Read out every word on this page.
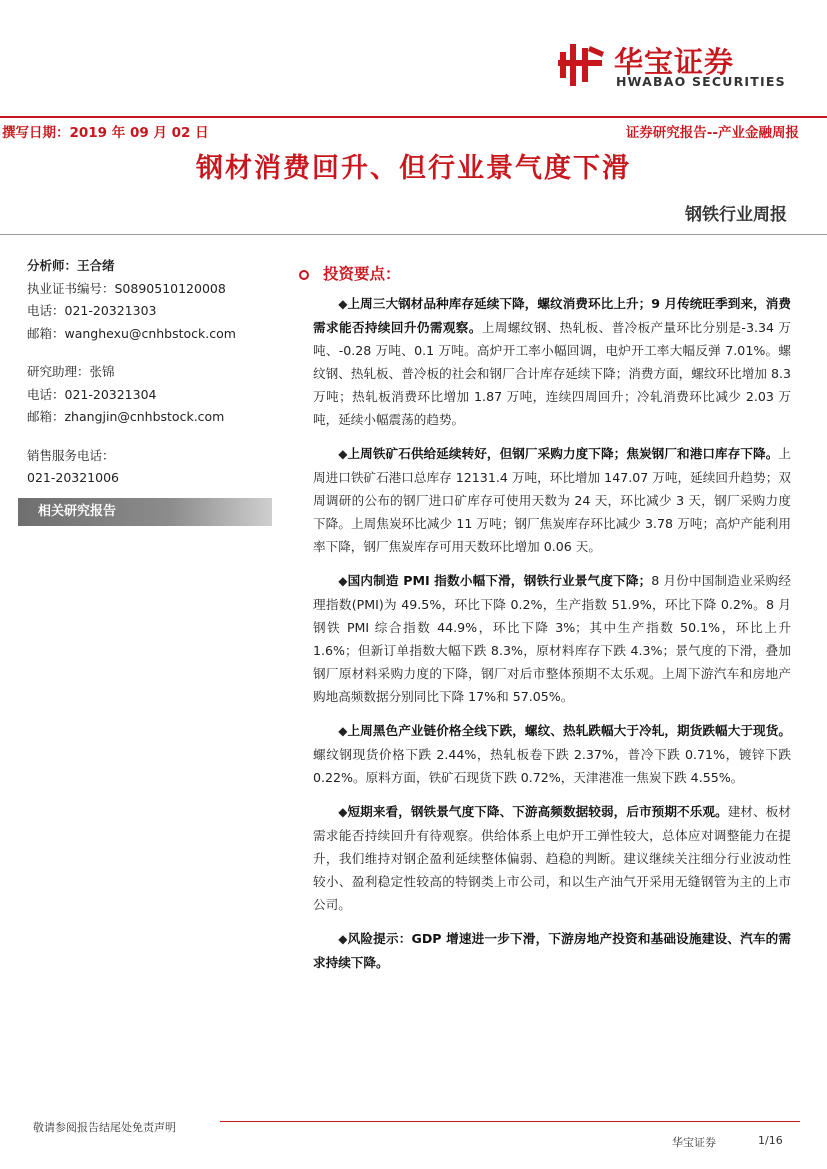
华宝证券
HWABAO SECURITIES
撰写日期：2019 年 09 月 02 日	证券研究报告--产业金融周报
钢材消费回升、但行业景气度下滑
钢铁行业周报
分析师：王合绪
执业证书编号：S0890510120008
电话：021-20321303
邮箱：wanghexu@cnhbstock.com
研究助理：张锦
电话：021-20321304
邮箱：zhangjin@cnhbstock.com
销售服务电话：
021-20321006
相关研究报告
投资要点：

◆上周三大钢材品种库存延续下降，螺纹消费环比上升；9 月传统旺季到来，消费需求能否持续回升仍需观察。上周螺纹钢、热轧板、普冷板产量环比分别是-3.34 万吨、-0.28 万吨、0.1 万吨。高炉开工率小幅回调，电炉开工率大幅反弹 7.01%。螺纹钢、热轧板、普冷板的社会和钢厂合计库存延续下降；消费方面，螺纹环比增加 8.3 万吨；热轧板消费环比增加 1.87 万吨，连续四周回升；冷轧消费环比减少 2.03 万吨，延续小幅震荡的趋势。

◆上周铁矿石供给延续转好，但钢厂采购力度下降；焦炭钢厂和港口库存下降。上周进口铁矿石港口总库存 12131.4 万吨，环比增加 147.07 万吨，延续回升趋势；双周调研的公布的钢厂进口矿库存可使用天数为 24 天，环比减少 3 天，钢厂采购力度下降。上周焦炭环比减少 11 万吨；钢厂焦炭库存环比减少 3.78 万吨；高炉产能利用率下降，钢厂焦炭库存可用天数环比增加 0.06 天。

◆国内制造 PMI 指数小幅下滑，钢铁行业景气度下降；8 月份中国制造业采购经理指数(PMI)为 49.5%，环比下降 0.2%，生产指数 51.9%，环比下降 0.2%。8 月钢铁 PMI 综合指数 44.9%，环比下降 3%；其中生产指数 50.1%，环比上升 1.6%；但新订单指数大幅下跌 8.3%，原材料库存下跌 4.3%；景气度的下滑，叠加钢厂原材料采购力度的下降，钢厂对后市整体预期不太乐观。上周下游汽车和房地产购地高频数据分别同比下降 17%和 57.05%。

◆上周黑色产业链价格全线下跌，螺纹、热轧跌幅大于冷轧，期货跌幅大于现货。螺纹钢现货价格下跌 2.44%，热轧板卷下跌 2.37%，普冷下跌 0.71%，镀锌下跌 0.22%。原料方面，铁矿石现货下跌 0.72%，天津港准一焦炭下跌 4.55%。

◆短期来看，钢铁景气度下降、下游高频数据较弱，后市预期不乐观。建材、板材需求能否持续回升有待观察。供给体系上电炉开工弹性较大，总体应对调整能力在提升，我们维持对钢企盈利延续整体偏弱、趋稳的判断。建议继续关注细分行业波动性较小、盈利稳定性较高的特钢类上市公司，和以生产油气开采用无缝钢管为主的上市公司。

◆风险提示：GDP 增速进一步下滑，下游房地产投资和基础设施建设、汽车的需求持续下降。

敬请参阅报告结尾处免责声明
华宝证券	1/16
